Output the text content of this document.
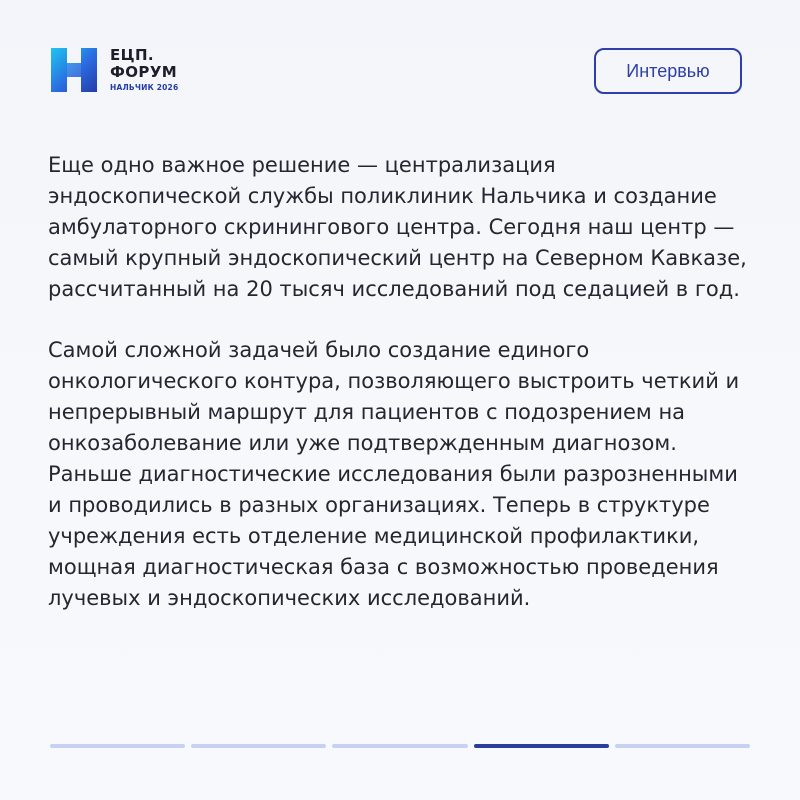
ЕЦП.
ФОРУМ
НАЛЬЧИК 2026
Интервью

Еще одно важное решение — централизация эндоскопической службы поликлиник Нальчика и создание амбулаторного скринингового центра. Сегодня наш центр — самый крупный эндоскопический центр на Северном Кавказе, рассчитанный на 20 тысяч исследований под седацией в год.

Самой сложной задачей было создание единого онкологического контура, позволяющего выстроить четкий и непрерывный маршрут для пациентов с подозрением на онкозаболевание или уже подтвержденным диагнозом. Раньше диагностические исследования были разрозненными и проводились в разных организациях. Теперь в структуре учреждения есть отделение медицинской профилактики, мощная диагностическая база с возможностью проведения лучевых и эндоскопических исследований.
